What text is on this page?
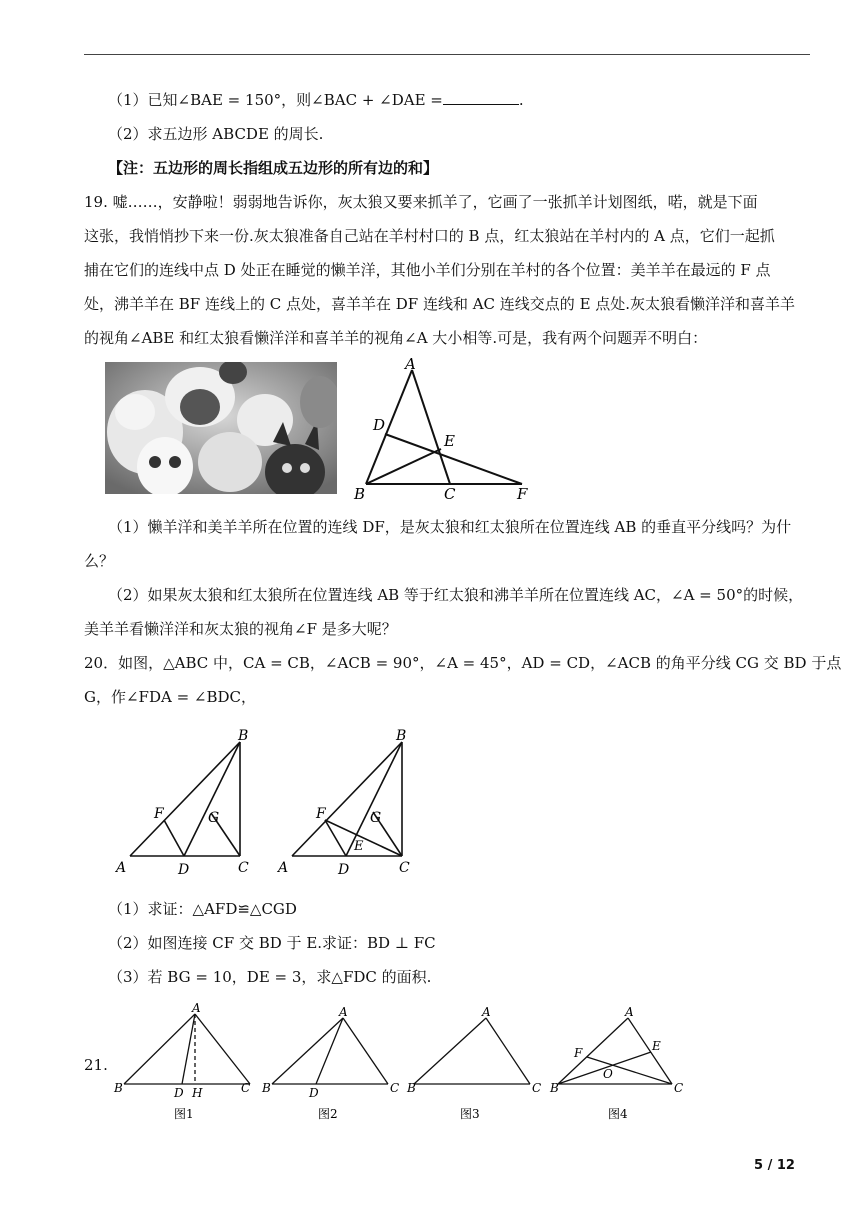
（1）已知∠BAE = 150°，则∠BAC + ∠DAE =	.
（2）求五边形 ABCDE 的周长.
【注：五边形的周长指组成五边形的所有边的和】
19. 嘘……，安静啦！弱弱地告诉你，灰太狼又要来抓羊了，它画了一张抓羊计划图纸，喏，就是下面
这张，我悄悄抄下来一份.灰太狼准备自己站在羊村村口的 B 点，红太狼站在羊村内的 A 点，它们一起抓
捕在它们的连线中点 D 处正在睡觉的懒羊洋，其他小羊们分别在羊村的各个位置：美羊羊在最远的 F 点
处，沸羊羊在 BF 连线上的 C 点处，喜羊羊在 DF 连线和 AC 连线交点的 E 点处.灰太狼看懒洋洋和喜羊羊
的视角∠ABE 和红太狼看懒洋洋和喜羊羊的视角∠A 大小相等.可是，我有两个问题弄不明白：
A
D
E
B	C	F
（1）懒羊洋和美羊羊所在位置的连线 DF，是灰太狼和红太狼所在位置连线 AB 的垂直平分线吗？为什
么？
（2）如果灰太狼和红太狼所在位置连线 AB 等于红太狼和沸羊羊所在位置连线 AC，∠A = 50°的时候，
美羊羊看懒洋洋和灰太狼的视角∠F 是多大呢？
20．如图，△ABC 中，CA = CB，∠ACB = 90°，∠A = 45°，AD = CD，∠ACB 的角平分线 CG 交 BD 于点
G，作∠FDA = ∠BDC，
B
F	G
A	D	C
B
F	G
E
A	D	C
（1）求证：△AFD≌△CGD
（2）如图连接 CF 交 BD 于 E.求证：BD ⊥ FC
（3）若 BG = 10，DE = 3，求△FDC 的面积.
21.
A
B	D H	C
A
B	D	C
A
B	C
A
B
F	E
O
C
图1	图2	图3	图4
5 / 12
